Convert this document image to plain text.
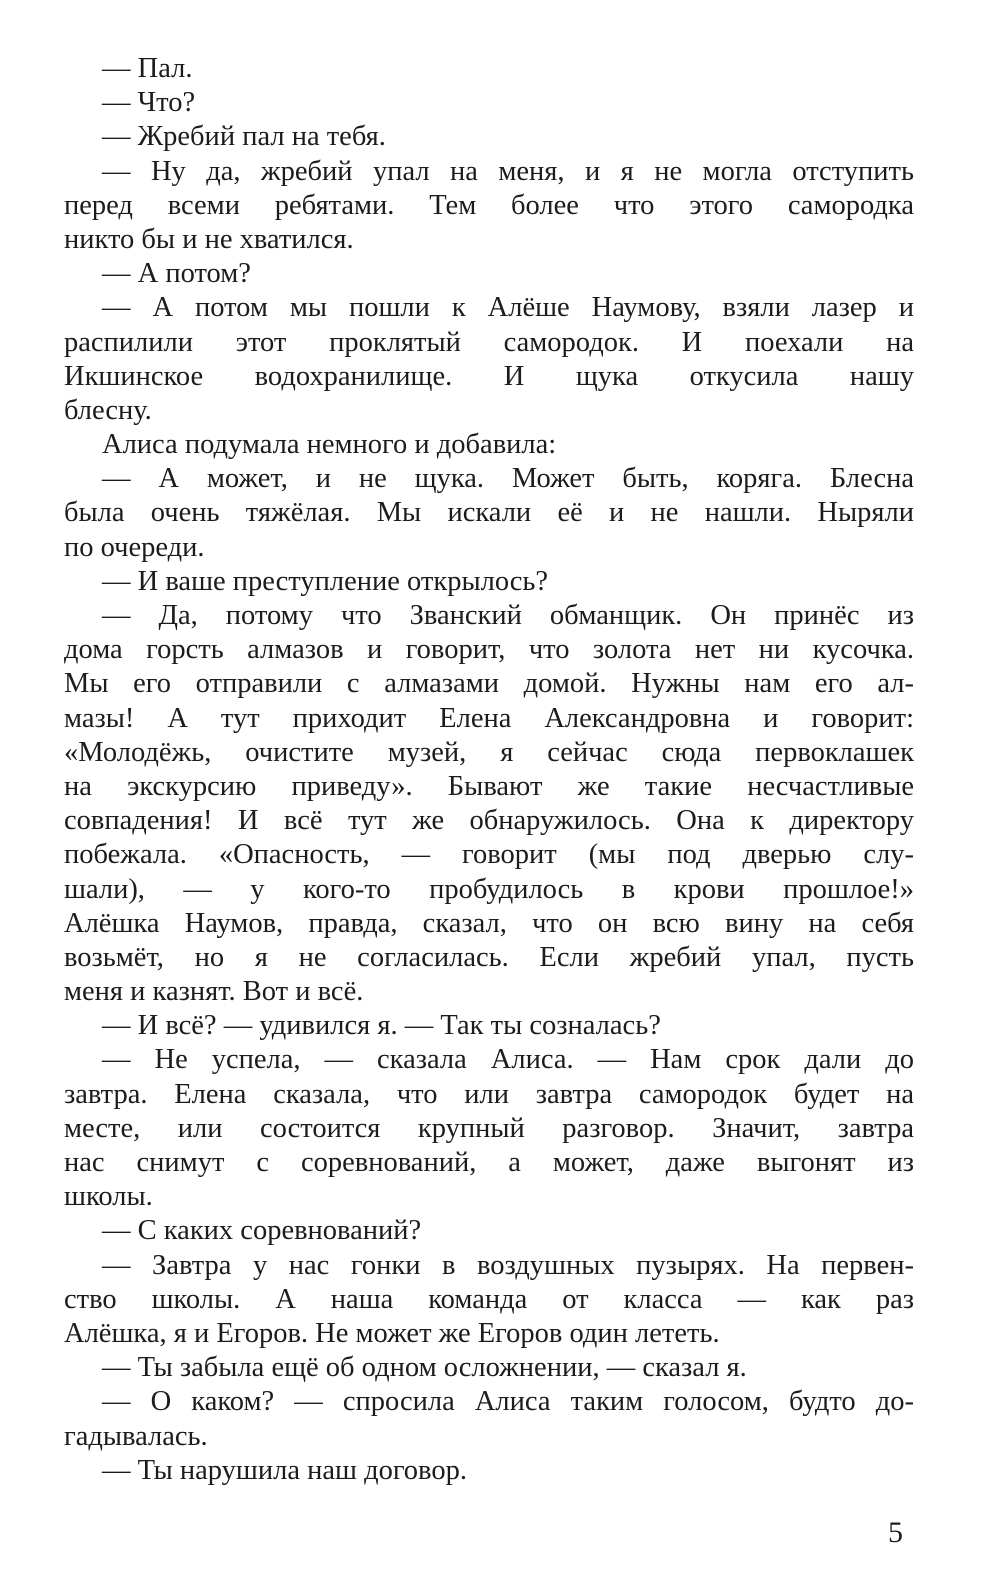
— Пал.
— Что?
— Жребий пал на тебя.
— Ну да, жребий упал на меня, и я не могла отступить
перед всеми ребятами. Тем более что этого самородка
никто бы и не хватился.
— А потом?
— А потом мы пошли к Алёше Наумову, взяли лазер и
распилили этот проклятый самородок. И поехали на
Икшинское водохранилище. И щука откусила нашу
блесну.
Алиса подумала немного и добавила:
— А может, и не щука. Может быть, коряга. Блесна
была очень тяжёлая. Мы искали её и не нашли. Ныряли
по очереди.
— И ваше преступление открылось?
— Да, потому что Званский обманщик. Он принёс из
дома горсть алмазов и говорит, что золота нет ни кусочка.
Мы его отправили с алмазами домой. Нужны нам его ал-
мазы! А тут приходит Елена Александровна и говорит:
«Молодёжь, очистите музей, я сейчас сюда первоклашек
на экскурсию приведу». Бывают же такие несчастливые
совпадения! И всё тут же обнаружилось. Она к директору
побежала. «Опасность, — говорит (мы под дверью слу-
шали), — у кого-то пробудилось в крови прошлое!»
Алёшка Наумов, правда, сказал, что он всю вину на себя
возьмёт, но я не согласилась. Если жребий упал, пусть
меня и казнят. Вот и всё.
— И всё? — удивился я. — Так ты созналась?
— Не успела, — сказала Алиса. — Нам срок дали до
завтра. Елена сказала, что или завтра самородок будет на
месте, или состоится крупный разговор. Значит, завтра
нас снимут с соревнований, а может, даже выгонят из
школы.
— С каких соревнований?
— Завтра у нас гонки в воздушных пузырях. На первен-
ство школы. А наша команда от класса — как раз
Алёшка, я и Егоров. Не может же Егоров один лететь.
— Ты забыла ещё об одном осложнении, — сказал я.
— О каком? — спросила Алиса таким голосом, будто до-
гадывалась.
— Ты нарушила наш договор.
5
